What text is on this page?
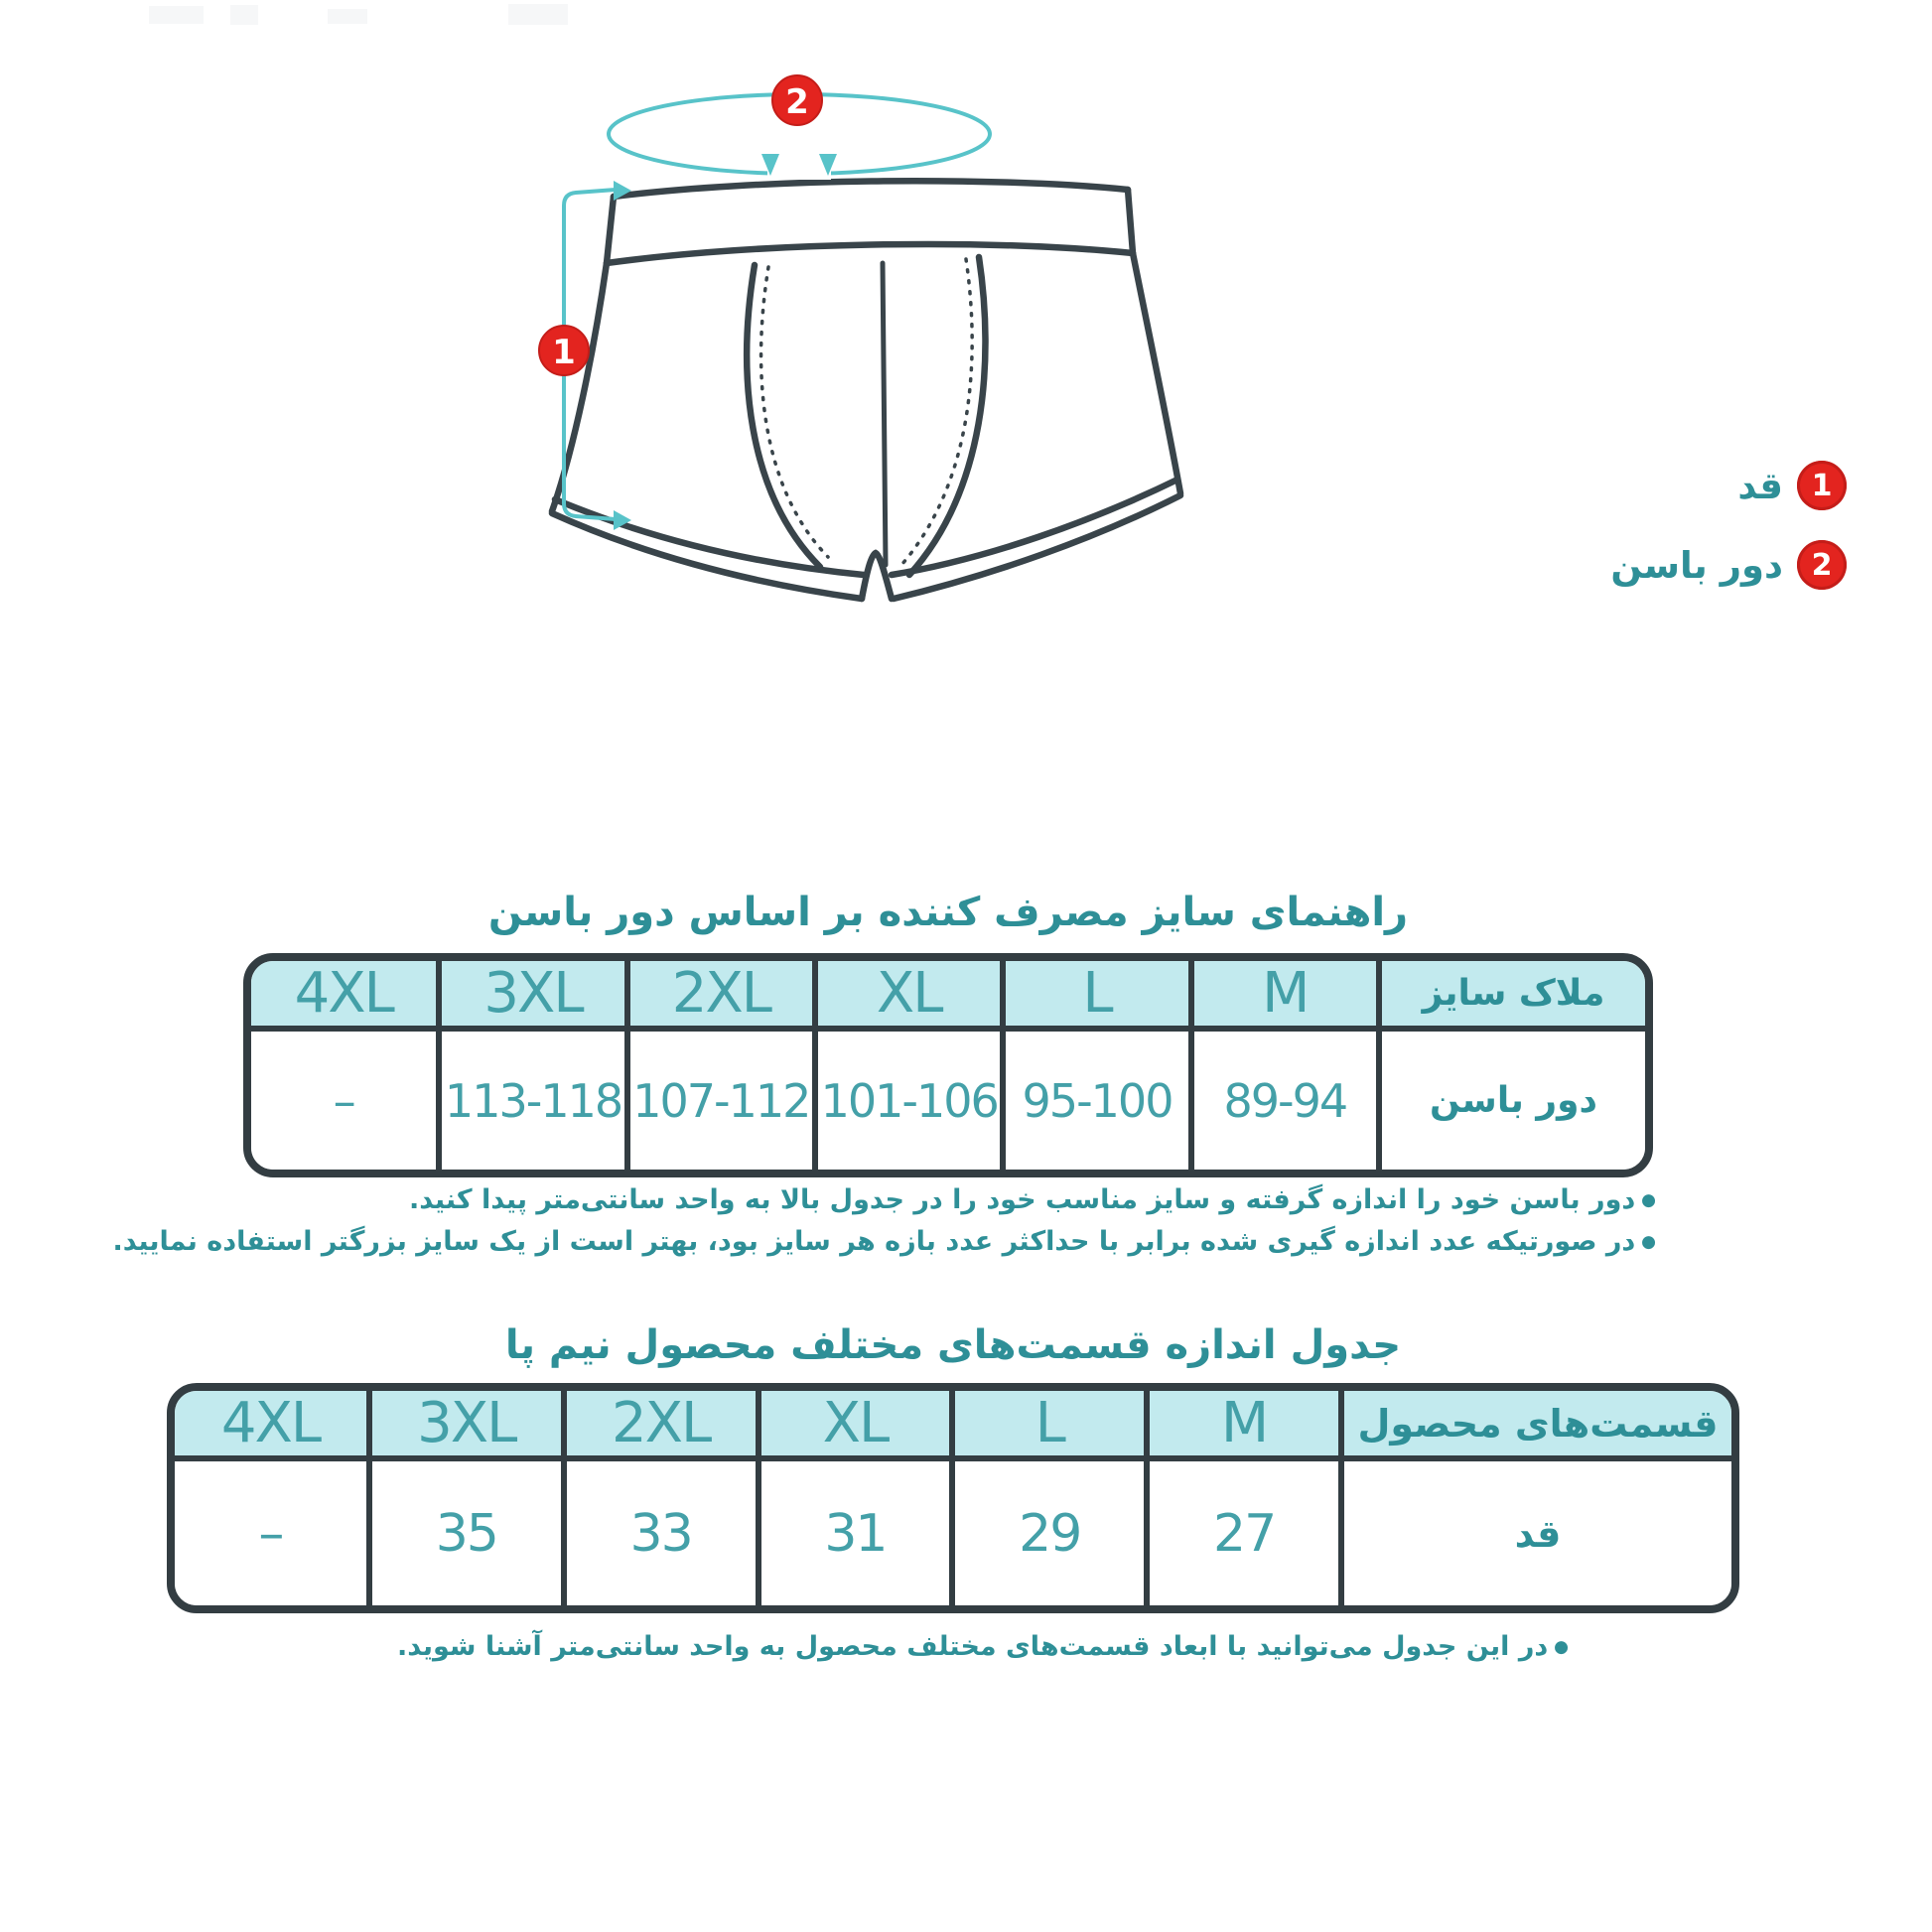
2
1
1
قد
2
دور باسن
راهنمای سایز مصرف کننده بر اساس دور باسن
ملاک سایز	M	L	XL	2XL	3XL	4XL
دور باسن	89-94	95-100	101-106	107-112	113-118	–
● دور باسن خود را اندازه گرفته و سایز مناسب خود را در جدول بالا به واحد سانتی‌متر پیدا کنید.
● در صورتیکه عدد اندازه گیری شده برابر با حداکثر عدد بازه هر سایز بود، بهتر است از یک سایز بزرگتر استفاده نمایید.
جدول اندازه قسمت‌های مختلف محصول نیم پا
قسمت‌های محصول	M	L	XL	2XL	3XL	4XL
قد	27	29	31	33	35	–
● در این جدول می‌توانید با ابعاد قسمت‌های مختلف محصول به واحد سانتی‌متر آشنا شوید.
